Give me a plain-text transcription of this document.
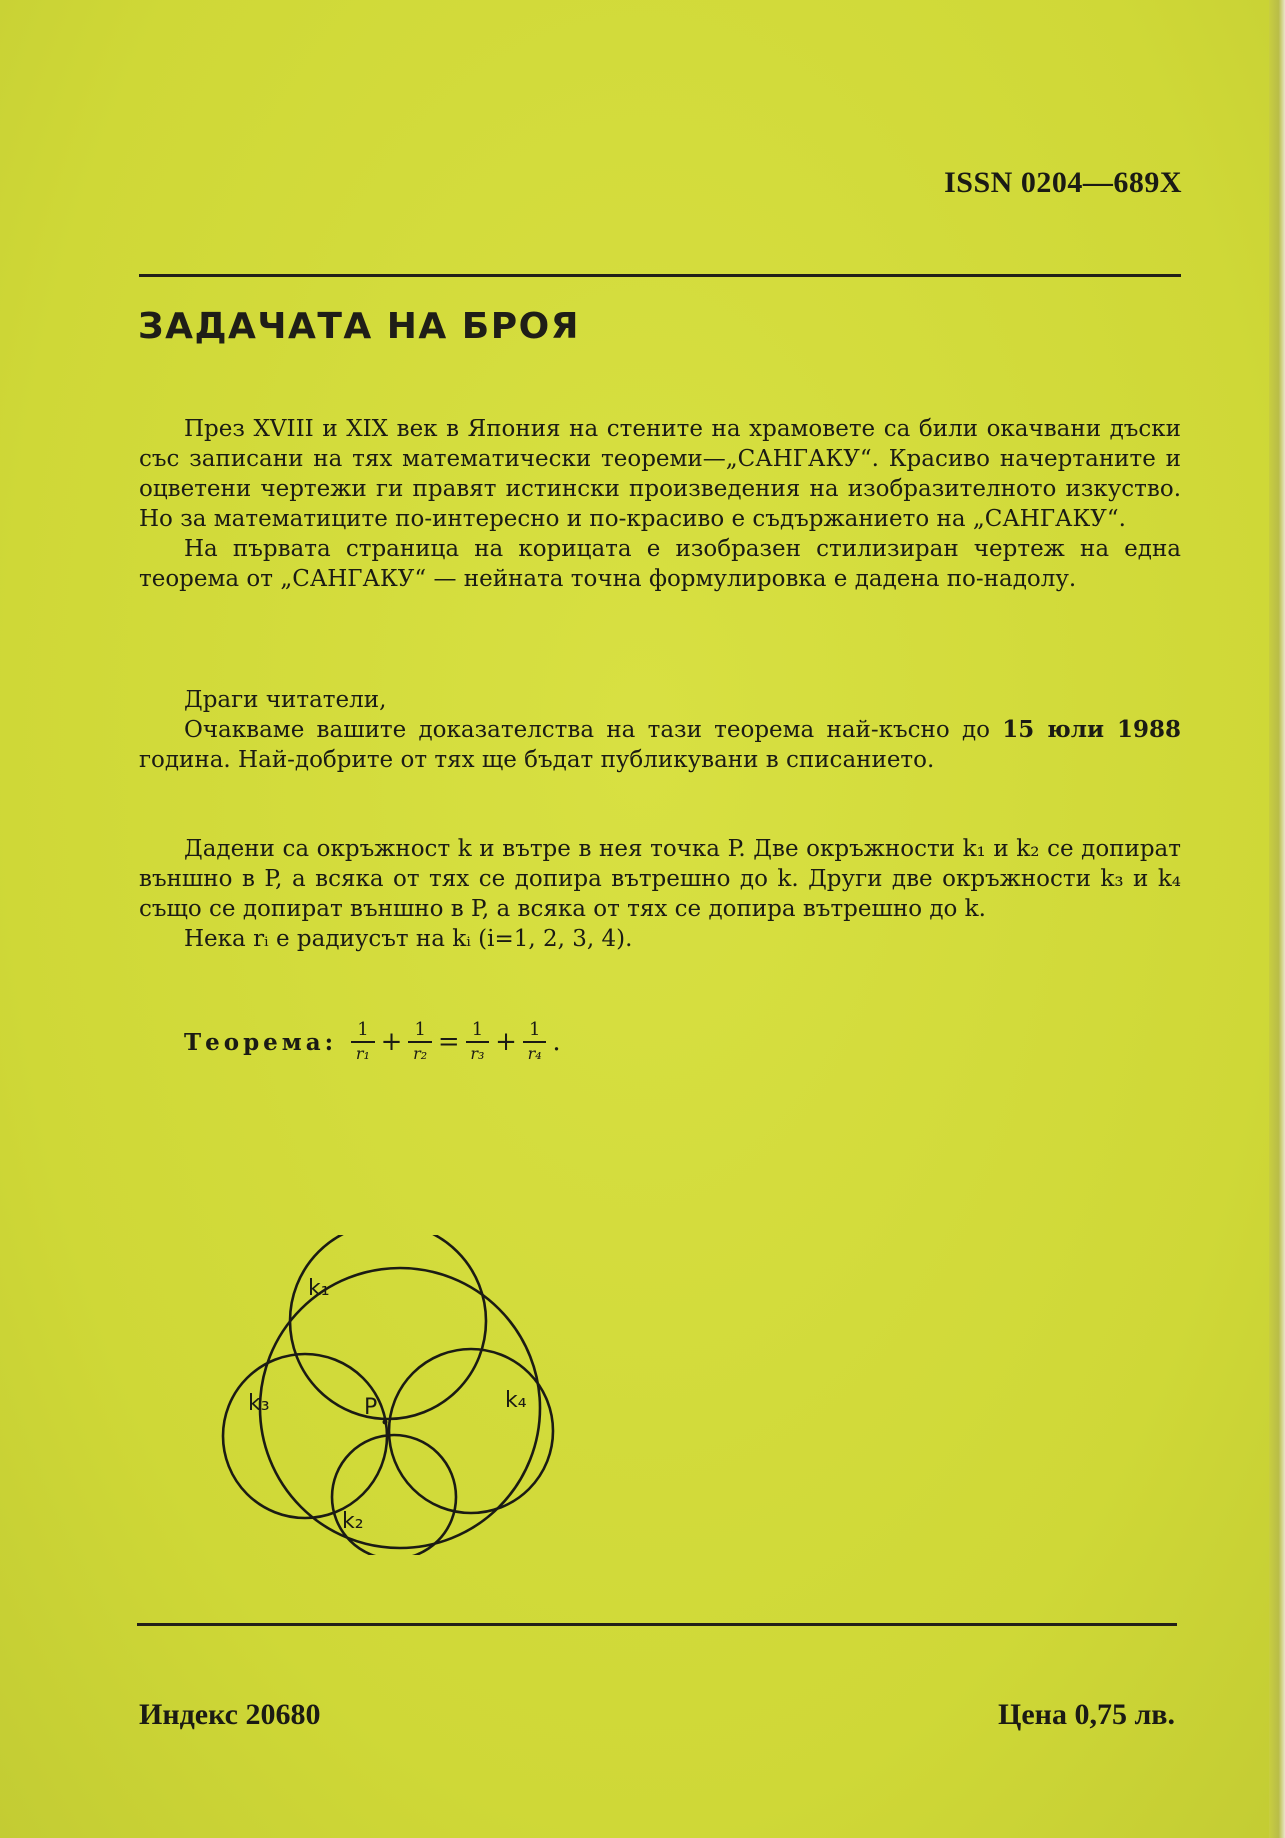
ISSN 0204—689X
ЗАДАЧАТА НА БРОЯ

През XVIII и XIX век в Япония на стените на храмовете са били окачвани дъски със записани на тях математически теореми—„САНГАКУ“. Красиво начертаните и оцветени чертежи ги правят истински произведения на изобразителното изкуство. Но за математиците по-интересно и по-красиво е съдържанието на „САНГАКУ“.

На първата страница на корицата е изобразен стилизиран чертеж на една теорема от „САНГАКУ“ — нейната точна формулировка е дадена по-надолу.

Драги читатели,

Очакваме вашите доказателства на тази теорема най-късно до 15 юли 1988 година. Най-добрите от тях ще бъдат публикувани в списанието.

Дадени са окръжност k и вътре в нея точка P. Две окръжности k₁ и k₂ се допират външно в P, а всяка от тях се допира вътрешно до k. Други две окръжности k₃ и k₄ също се допират външно в P, а всяка от тях се допира вътрешно до k.

Нека rᵢ е радиусът на kᵢ (i=1, 2, 3, 4).

Теорема: $\frac{1}{\text{r₁}} + \frac{1}{\text{r₂}} = \frac{1}{\text{r₃}} + \frac{1}{\text{r₄}}$ .
k₁
k₂
k₃	k₄
P
Индекс 20680	Цена 0,75 лв.
